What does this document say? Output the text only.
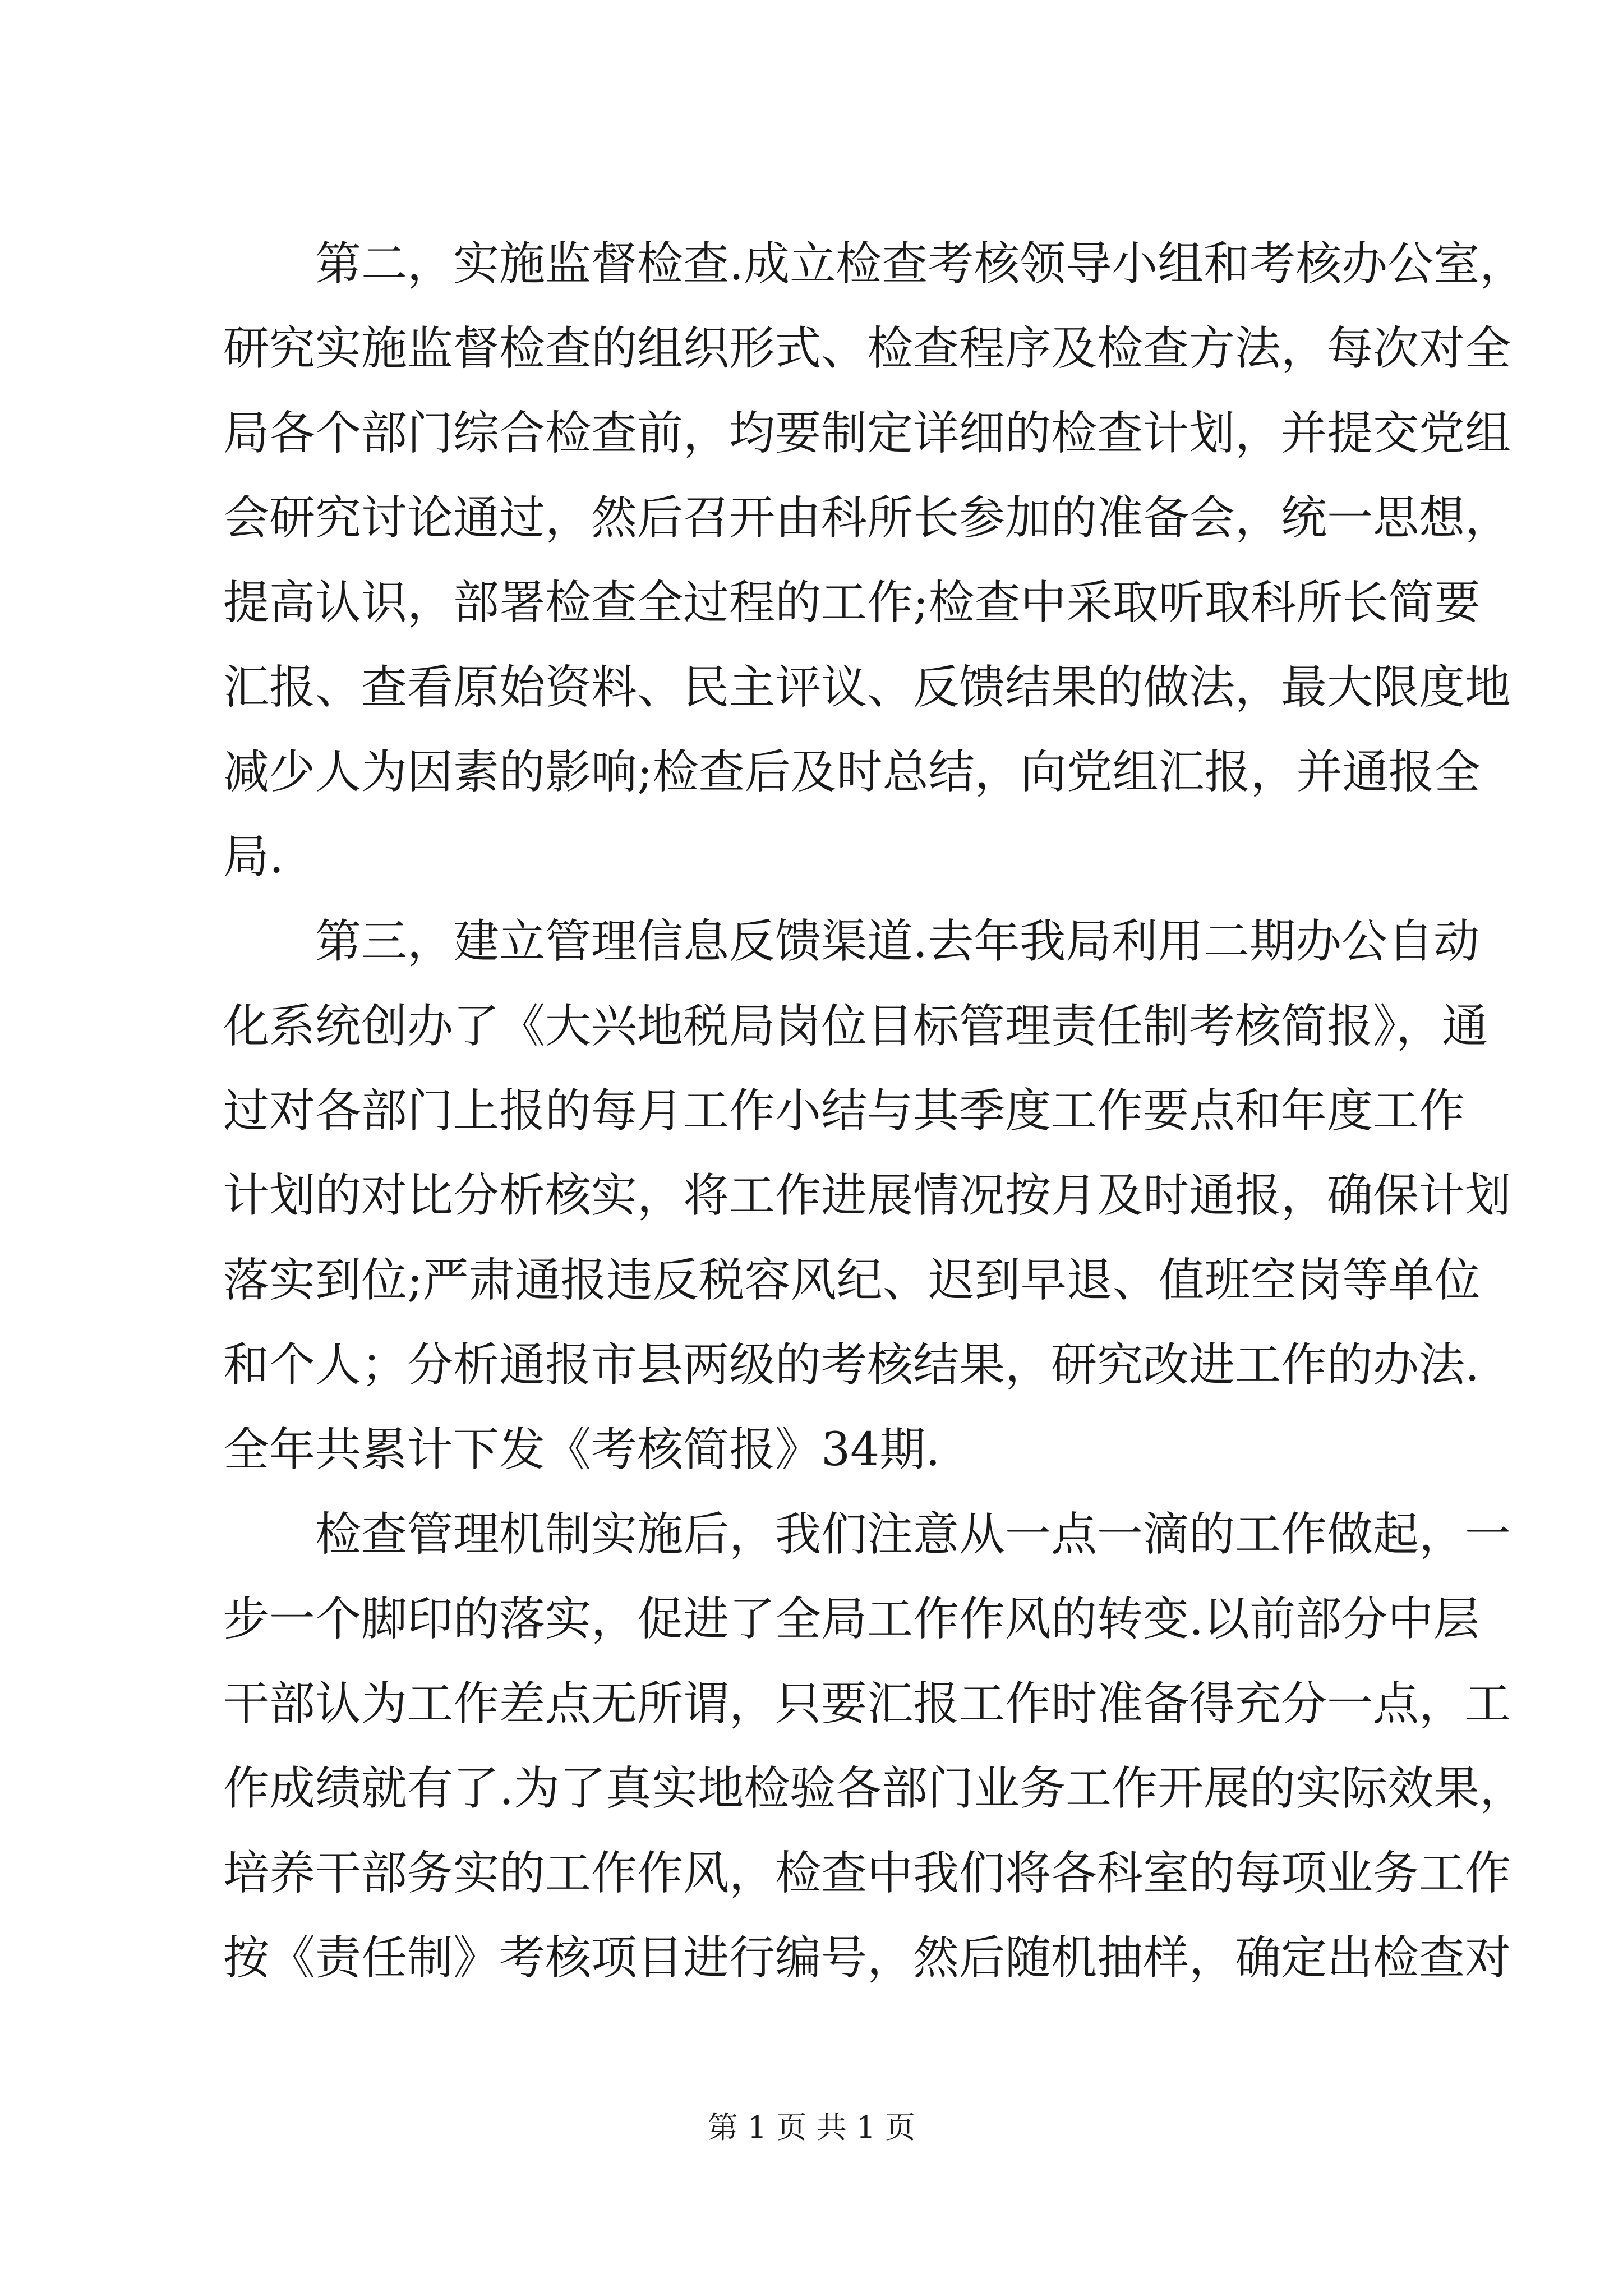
第二，实施监督检查.成立检查考核领导小组和考核办公室，
研究实施监督检查的组织形式、检查程序及检查方法，每次对全
局各个部门综合检查前，均要制定详细的检查计划，并提交党组
会研究讨论通过，然后召开由科所长参加的准备会，统一思想，
提高认识，部署检查全过程的工作;检查中采取听取科所长简要
汇报、查看原始资料、民主评议、反馈结果的做法，最大限度地
减少人为因素的影响;检查后及时总结，向党组汇报，并通报全
局.
第三，建立管理信息反馈渠道.去年我局利用二期办公自动
化系统创办了《大兴地税局岗位目标管理责任制考核简报》，通
过对各部门上报的每月工作小结与其季度工作要点和年度工作
计划的对比分析核实，将工作进展情况按月及时通报，确保计划
落实到位;严肃通报违反税容风纪、迟到早退、值班空岗等单位
和个人；分析通报市县两级的考核结果，研究改进工作的办法.
全年共累计下发《考核简报》34期.
检查管理机制实施后，我们注意从一点一滴的工作做起，一
步一个脚印的落实，促进了全局工作作风的转变.以前部分中层
干部认为工作差点无所谓，只要汇报工作时准备得充分一点，工
作成绩就有了.为了真实地检验各部门业务工作开展的实际效果，
培养干部务实的工作作风，检查中我们将各科室的每项业务工作
按《责任制》考核项目进行编号，然后随机抽样，确定出检查对
第 1 页 共 1 页
